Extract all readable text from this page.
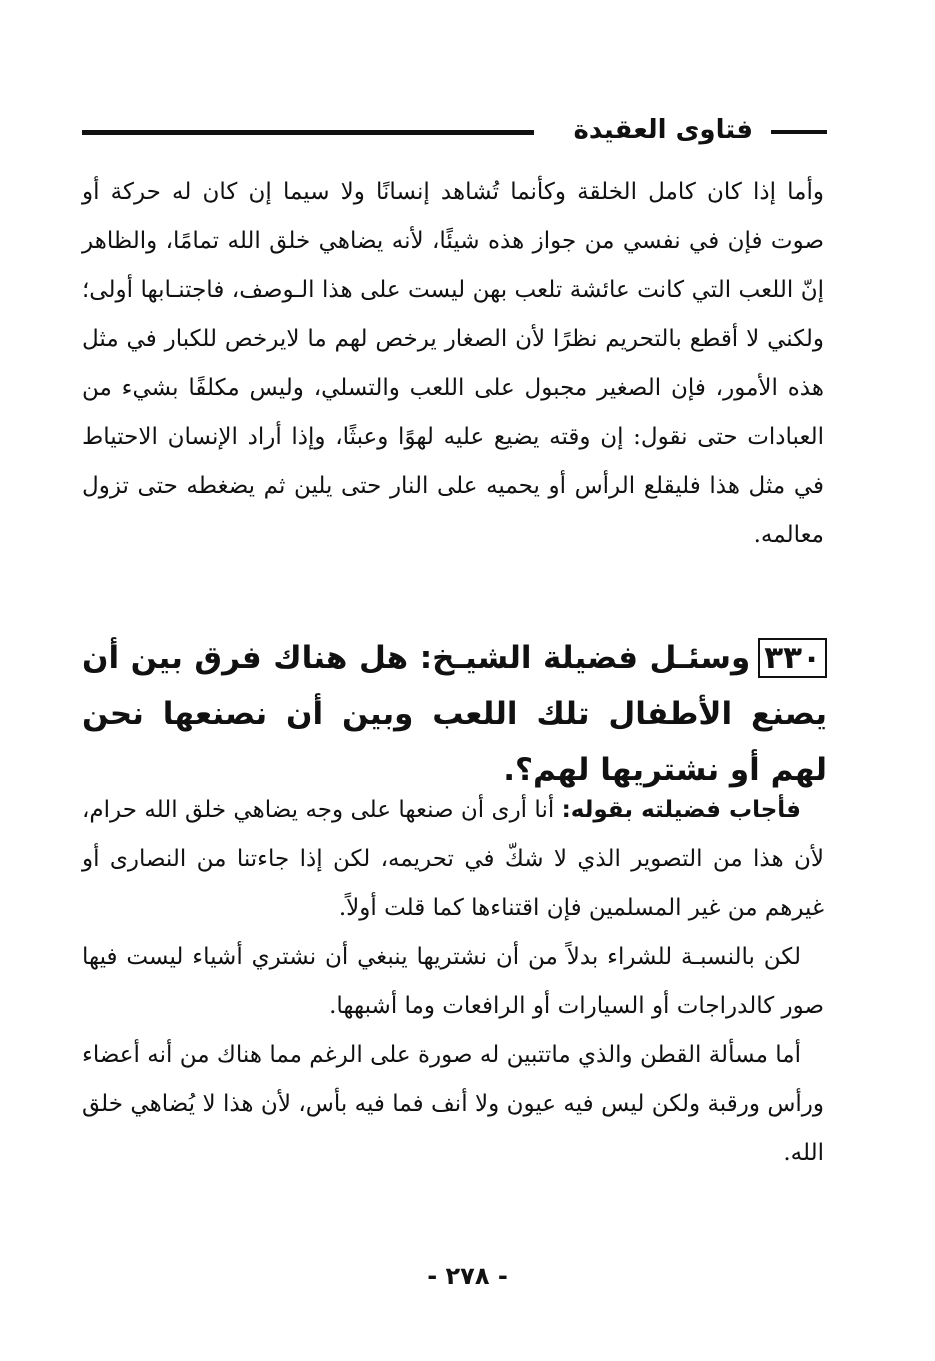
فتاوى العقيدة

وأما إذا كان كامل الخلقة وكأنما تُشاهد إنسانًا ولا سيما إن كان له حركة أو صوت فإن في نفسي من جواز هذه شيئًا، لأنه يضاهي خلق الله تمامًا، والظاهر إنّ اللعب التي كانت عائشة تلعب بهن ليست على هذا الـوصف، فاجتنـابها أولى؛ ولكني لا أقطع بالتحريم نظرًا لأن الصغار يرخص لهم ما لايرخص للكبار في مثل هذه الأمور، فإن الصغير مجبول على اللعب والتسلي، وليس مكلفًا بشيء من العبادات حتى نقول: إن وقته يضيع عليه لهوًا وعبثًا، وإذا أراد الإنسان الاحتياط في مثل هذا فليقلع الرأس أو يحميه على النار حتى يلين ثم يضغطه حتى تزول معالمه.

٣٣٠وسئـل فضيلة الشيـخ: هل هناك فرق بين أن يصنع الأطفال تلك اللعب وبين أن نصنعها نحن لهم أو نشتريها لهم؟.

 فأجاب فضيلته بقوله: أنا أرى أن صنعها على وجه يضاهي خلق الله حرام، لأن هذا من التصوير الذي لا شكّ في تحريمه، لكن إذا جاءتنا من النصارى أو غيرهم من غير المسلمين فإن اقتناءها كما قلت أولاً.

 لكن بالنسبـة للشراء بدلاً من أن نشتريها ينبغي أن نشتري أشياء ليست فيها صور كالدراجات أو السيارات أو الرافعات وما أشبهها.

 أما مسألة القطن والذي ماتتبين له صورة على الرغم مما هناك من أنه أعضاء ورأس ورقبة ولكن ليس فيه عيون ولا أنف فما فيه بأس، لأن هذا لا يُضاهي خلق الله.

- ٢٧٨ -
